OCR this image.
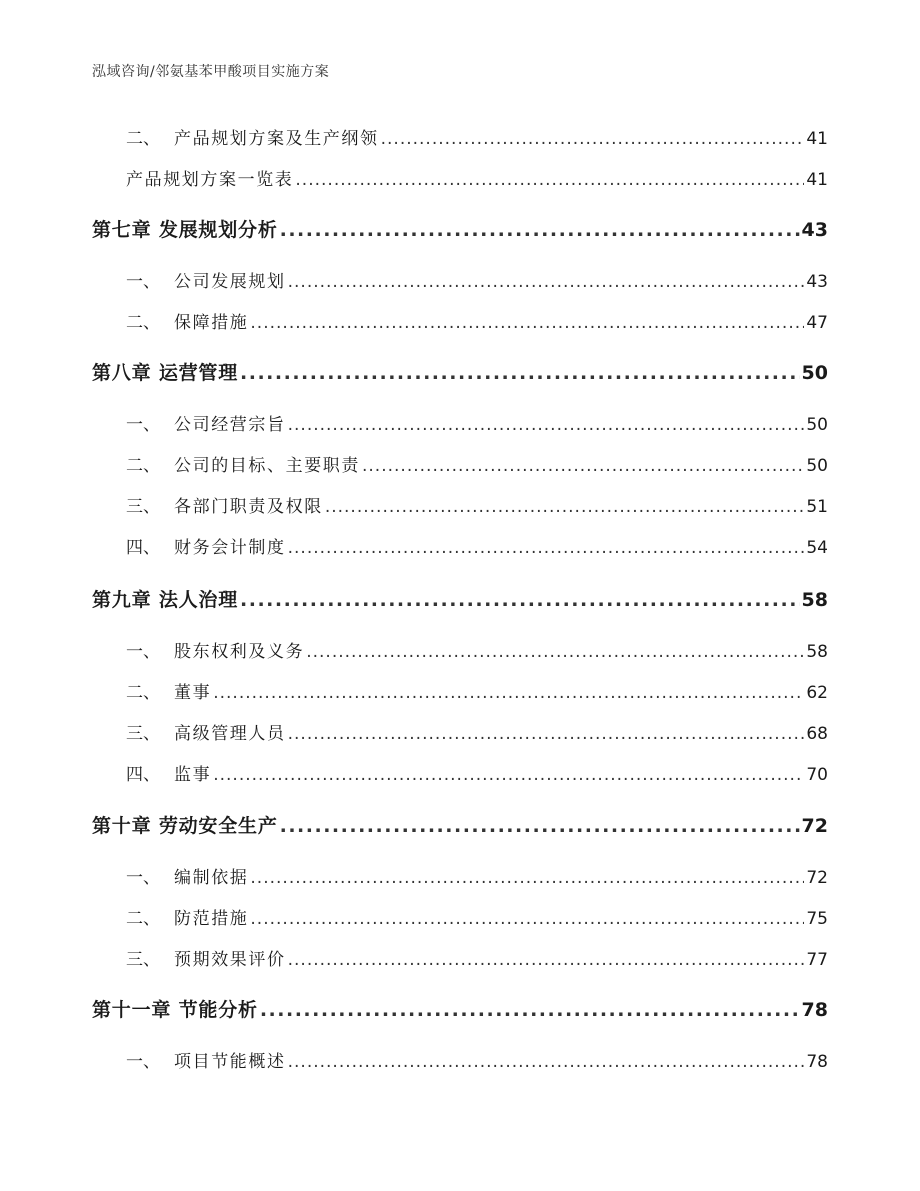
泓域咨询/邻氨基苯甲酸项目实施方案
二、 产品规划方案及生产纲领 .....	41
产品规划方案一览表 .....	41
第七章 发展规划分析 .....	43
一、 公司发展规划 .....	43
二、 保障措施 .....	47
第八章 运营管理 .....	50
一、 公司经营宗旨 .....	50
二、 公司的目标、主要职责 .....	50
三、 各部门职责及权限 .....	51
四、 财务会计制度 .....	54
第九章 法人治理 .....	58
一、 股东权利及义务 .....	58
二、 董事 .....	62
三、 高级管理人员 .....	68
四、 监事 .....	70
第十章 劳动安全生产 .....	72
一、 编制依据 .....	72
二、 防范措施 .....	75
三、 预期效果评价 .....	77
第十一章 节能分析 .....	78
一、 项目节能概述 .....	78
